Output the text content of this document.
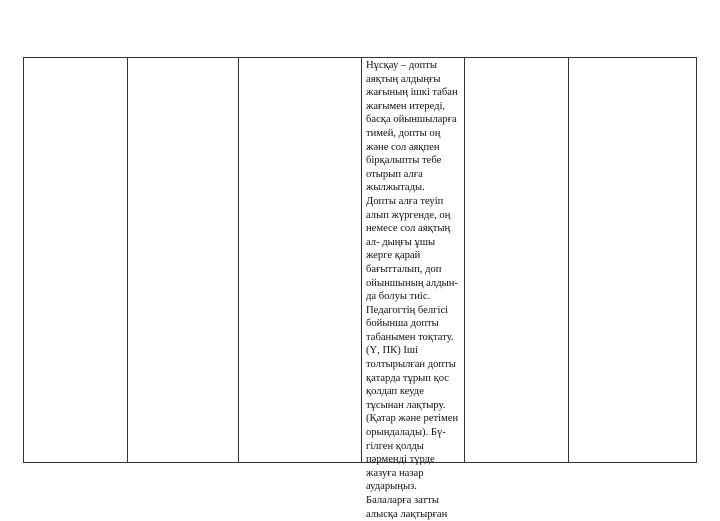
Нұсқау – допты
аяқтың алдыңғы
жағының ішкі табан
жағымен итереді,
басқа ойыншыларға
тимей, допты оң
және сол аяқпен
бірқалыпты тебе
отырып алға
жылжытады.
Допты алға теуіп
алып жүргенде, оң
немесе сол аяқтың
ал- дыңғы ұшы
жерге қарай
бағытталып, доп
ойыншының алдын-
да болуы тиіс.
Педагогтің белгісі
бойынша допты
табанымен тоқтату.
(Ү, ПК) Іші
толтырылған допты
қатарда тұрып қос
қолдап кеуде
тұсынан лақтыру.
(Қатар және ретімен
орындалады). Бү-
гілген қолды
пәрменді түрде
жазуға назар
аударыңыз.
Балаларға затты
алысқа лақтырған
